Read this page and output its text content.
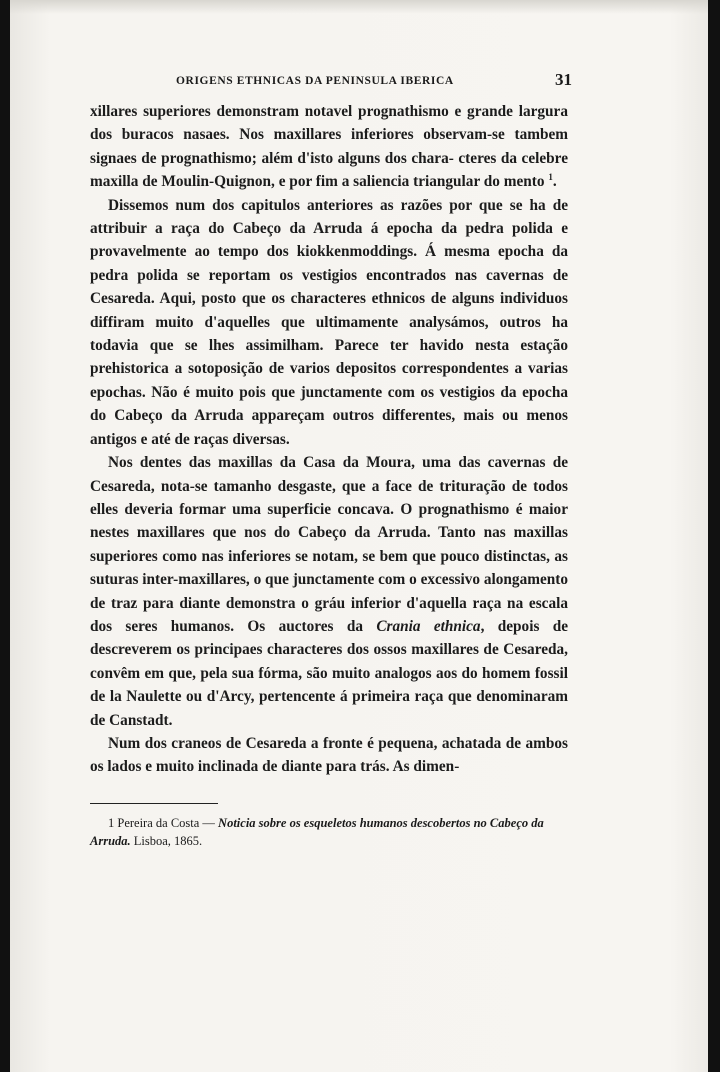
ORIGENS ETHNICAS DA PENINSULA IBERICA	31

xillares superiores demonstram notavel prognathismo e grande largura dos buracos nasaes. Nos maxillares inferiores observam-se tambem signaes de prognathismo; além d'isto alguns dos chara- cteres da celebre maxilla de Moulin-Quignon, e por fim a saliencia triangular do mento $^1$.

Dissemos num dos capitulos anteriores as razões por que se ha de attribuir a raça do Cabeço da Arruda á epocha da pedra polida e provavelmente ao tempo dos kiokkenmoddings. Á mesma epocha da pedra polida se reportam os vestigios encontrados nas cavernas de Cesareda. Aqui, posto que os characteres ethnicos de alguns individuos diffiram muito d'aquelles que ultimamente analysámos, outros ha todavia que se lhes assimilham. Parece ter havido nesta estação prehistorica a sotoposição de varios depositos correspondentes a varias epochas. Não é muito pois que junctamente com os vestigios da epocha do Cabeço da Arruda appareçam outros differentes, mais ou menos antigos e até de raças diversas.

Nos dentes das maxillas da Casa da Moura, uma das cavernas de Cesareda, nota-se tamanho desgaste, que a face de trituração de todos elles deveria formar uma superficie concava. O prognathismo é maior nestes maxillares que nos do Cabeço da Arruda. Tanto nas maxillas superiores como nas inferiores se notam, se bem que pouco distinctas, as suturas inter-maxillares, o que junctamente com o excessivo alongamento de traz para diante demonstra o gráu inferior d'aquella raça na escala dos seres humanos. Os auctores da Crania ethnica, depois de descreverem os principaes characteres dos ossos maxillares de Cesareda, convêm em que, pela sua fórma, são muito analogos aos do homem fossil de la Naulette ou d'Arcy, pertencente á primeira raça que denominaram de Canstadt.

Num dos craneos de Cesareda a fronte é pequena, achatada de ambos os lados e muito inclinada de diante para trás. As dimen-

1 Pereira da Costa — Noticia sobre os esqueletos humanos descobertos no Cabeço da Arruda. Lisboa, 1865.
